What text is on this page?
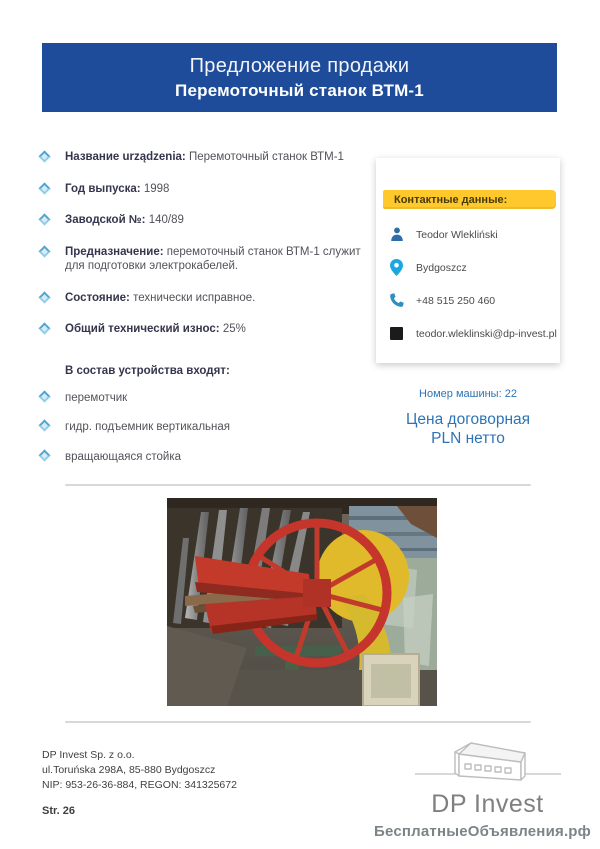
Предложение продажи
Перемоточный станок ВТМ-1
Название urządzenia: Перемоточный станок ВТМ-1
Год выпуска: 1998
Заводской №: 140/89
Предназначение: перемоточный станок ВТМ-1 служит для подготовки электрокабелей.
Состояние: технически исправное.
Общий технический износ: 25%
В состав устройства входят:
перемотчик
гидр. подъемник вертикальная
вращающаяся стойка
Контактные данные:
Teodor Wlekliński
Bydgoszcz
+48 515 250 460
teodor.wleklinski@dp-invest.pl
Номер машины: 22
Цена договорная
PLN нетто
DP Invest Sp. z o.o.
ul.Toruńska 298A, 85-880 Bydgoszcz
NIP: 953-26-36-884, REGON: 341325672
Str. 26	DP Invest
БесплатныеОбъявления.рф
